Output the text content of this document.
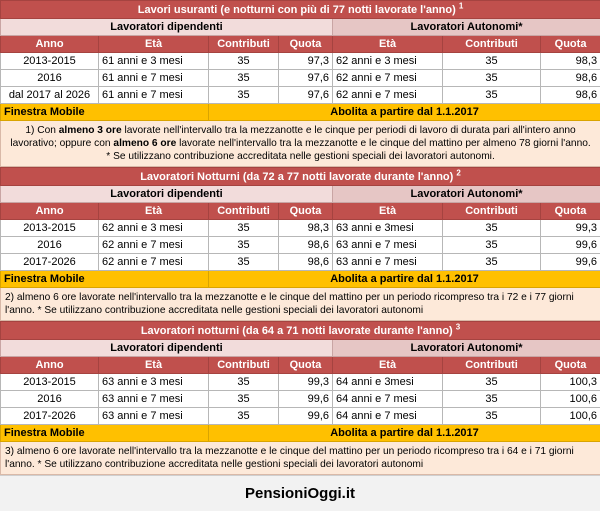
Lavori usuranti (e notturni con più di 77 notti lavorate l'anno) $^1$
Lavoratori dipendenti				Lavoratori Autonomi*		
Anno	Età	Contributi	Quota	Età	Contributi	Quota
2013-2015	61 anni e 3 mesi	35	97,3	62 anni e 3 mesi	35	98,3
2016	61 anni e 7 mesi	35	97,6	62 anni e 7 mesi	35	98,6
dal 2017 al 2026	61 anni e 7 mesi	35	97,6	62 anni e 7 mesi	35	98,6
Finestra Mobile		Abolita a partire dal 1.1.2017				

1) Con almeno 3 ore lavorate nell'intervallo tra la mezzanotte e le cinque per periodi di lavoro di durata pari all'intero anno lavorativo; oppure con almeno 6 ore lavorate nell'intervallo tra la mezzanotte e le cinque del mattino per almeno 78 giorni l'anno.
* Se utilizzano contribuzione accreditata nelle gestioni speciali dei lavoratori autonomi.						
Lavoratori Notturni (da 72 a 77 notti lavorate durante l'anno) $^2$
Lavoratori dipendenti				Lavoratori Autonomi*		
Anno	Età	Contributi	Quota	Età	Contributi	Quota
2013-2015	62 anni e 3 mesi	35	98,3	63 anni e 3mesi	35	99,3
2016	62 anni e 7 mesi	35	98,6	63 anni e 7 mesi	35	99,6
2017-2026	62 anni e 7 mesi	35	98,6	63 anni e 7 mesi	35	99,6
Finestra Mobile		Abolita a partire dal 1.1.2017				

2) almeno 6 ore lavorate nell'intervallo tra la mezzanotte e le cinque del mattino per un periodo ricompreso tra i 72 e i 77 giorni l'anno. * Se utilizzano contribuzione accreditata nelle gestioni speciali dei lavoratori autonomi						
Lavoratori notturni (da 64 a 71 notti lavorate durante l'anno) $^3$
Lavoratori dipendenti				Lavoratori Autonomi*		
Anno	Età	Contributi	Quota	Età	Contributi	Quota
2013-2015	63 anni e 3 mesi	35	99,3	64 anni e 3mesi	35	100,3
2016	63 anni e 7 mesi	35	99,6	64 anni e 7 mesi	35	100,6
2017-2026	63 anni e 7 mesi	35	99,6	64 anni e 7 mesi	35	100,6
Finestra Mobile		Abolita a partire dal 1.1.2017				

3) almeno 6 ore lavorate nell'intervallo tra la mezzanotte e le cinque del mattino per un periodo ricompreso tra i 64 e i 71 giorni l'anno. * Se utilizzano contribuzione accreditata nelle gestioni speciali dei lavoratori autonomi						
PensioniOggi.it
